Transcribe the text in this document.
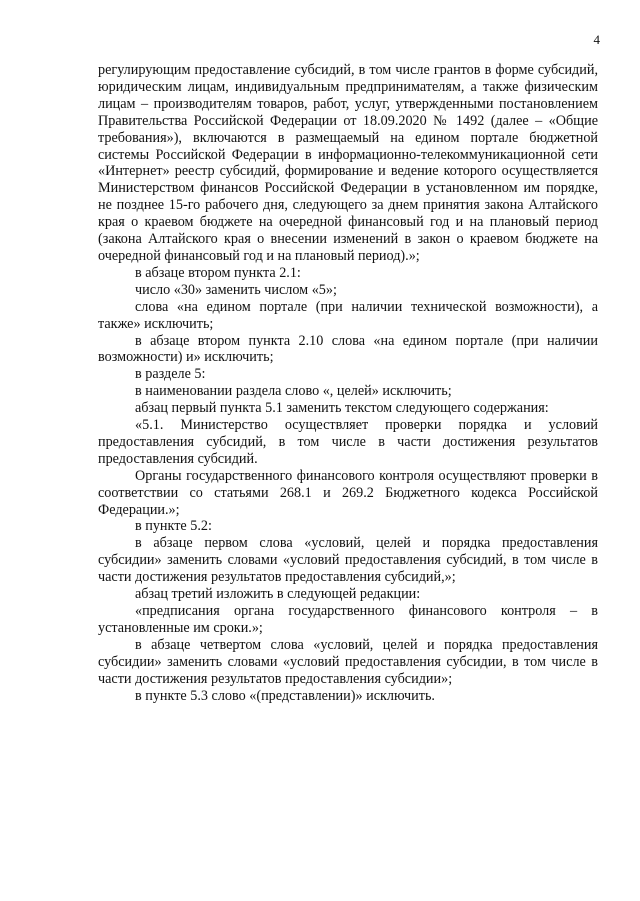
4

регулирующим предоставление субсидий, в том числе грантов в форме субсидий, юридическим лицам, индивидуальным предпринимателям, а также физическим лицам – производителям товаров, работ, услуг, утвержденными постановлением Правительства Российской Федерации от 18.09.2020 № 1492 (далее – «Общие требования»), включаются в размещаемый на едином портале бюджетной системы Российской Федерации в информационно-телекоммуникационной сети «Интернет» реестр субсидий, формирование и ведение которого осуществляется Министерством финансов Российской Федерации в установленном им порядке, не позднее 15-го рабочего дня, следующего за днем принятия закона Алтайского края о краевом бюджете на очередной финансовый год и на плановый период (закона Алтайского края о внесении изменений в закон о краевом бюджете на очередной финансовый год и на плановый период).»;

в абзаце втором пункта 2.1:

число «30» заменить числом «5»;

слова «на едином портале (при наличии технической возможности), а также» исключить;

в абзаце втором пункта 2.10 слова «на едином портале (при наличии возможности) и» исключить;

в разделе 5:

в наименовании раздела слово «, целей» исключить;

абзац первый пункта 5.1 заменить текстом следующего содержания:

«5.1. Министерство осуществляет проверки порядка и условий предоставления субсидий, в том числе в части достижения результатов предоставления субсидий.

Органы государственного финансового контроля осуществляют проверки в соответствии со статьями 268.1 и 269.2 Бюджетного кодекса Российской Федерации.»;

в пункте 5.2:

в абзаце первом слова «условий, целей и порядка предоставления субсидии» заменить словами «условий предоставления субсидий, в том числе в части достижения результатов предоставления субсидий,»;

абзац третий изложить в следующей редакции:

«предписания органа государственного финансового контроля – в установленные им сроки.»;

в абзаце четвертом слова «условий, целей и порядка предоставления субсидии» заменить словами «условий предоставления субсидии, в том числе в части достижения результатов предоставления субсидии»;

в пункте 5.3 слово «(представлении)» исключить.
